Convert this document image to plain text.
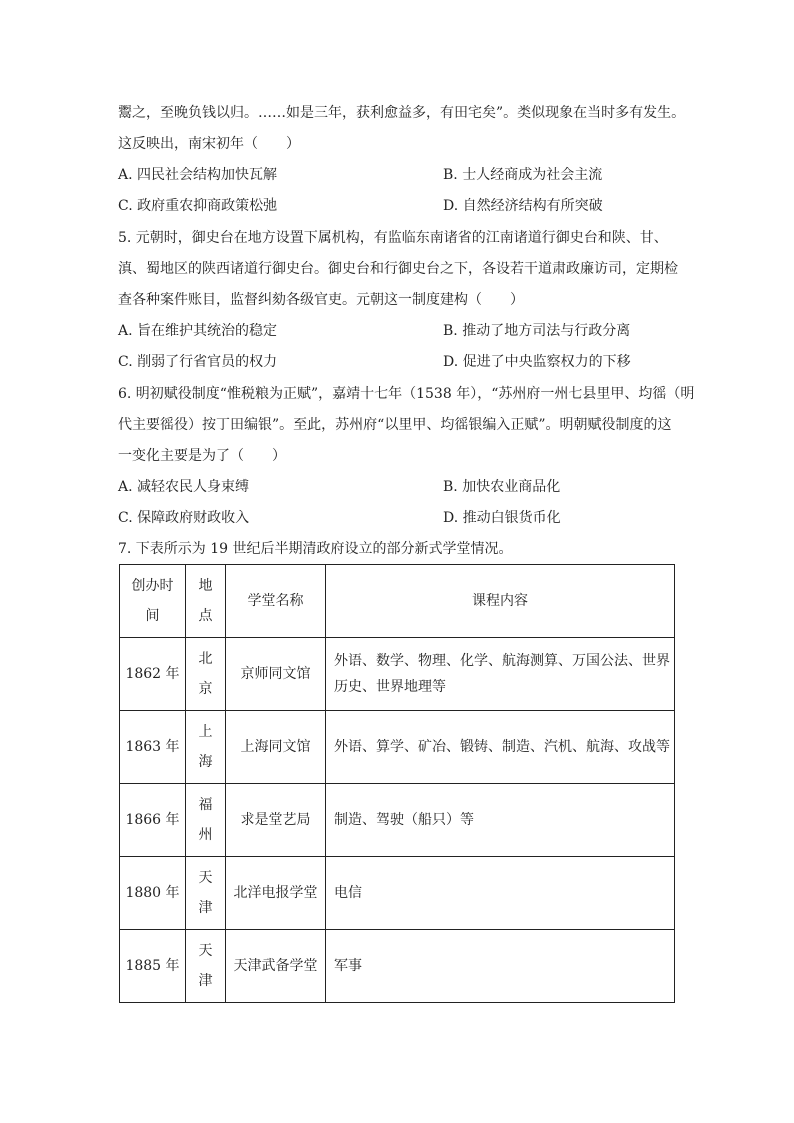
鬻之，至晚负钱以归。……如是三年，获利愈益多，有田宅矣”。类似现象在当时多有发生。
这反映出，南宋初年（　　）
A. 四民社会结构加快瓦解	B. 士人经商成为社会主流
C. 政府重农抑商政策松弛	D. 自然经济结构有所突破
5. 元朝时，御史台在地方设置下属机构，有监临东南诸省的江南诸道行御史台和陕、甘、
滇、蜀地区的陕西诸道行御史台。御史台和行御史台之下，各设若干道肃政廉访司，定期检
查各种案件账目，监督纠劾各级官吏。元朝这一制度建构（　　）
A. 旨在维护其统治的稳定	B. 推动了地方司法与行政分离
C. 削弱了行省官员的权力	D. 促进了中央监察权力的下移
6. 明初赋役制度“惟税粮为正赋”，嘉靖十七年（1538 年），“苏州府一州七县里甲、均徭（明
代主要徭役）按丁田编银”。至此，苏州府“以里甲、均徭银编入正赋”。明朝赋役制度的这
一变化主要是为了（　　）
A. 减轻农民人身束缚	B. 加快农业商品化
C. 保障政府财政收入	D. 推动白银货币化
7. 下表所示为 19 世纪后半期清政府设立的部分新式学堂情况。
创办时间	地点	学堂名称	课程内容
1862 年	北京	京师同文馆	外语、数学、物理、化学、航海测算、万国公法、世界历史、世界地理等
1863 年	上海	上海同文馆	外语、算学、矿冶、锻铸、制造、汽机、航海、攻战等
1866 年	福州	求是堂艺局	制造、驾驶（船只）等
1880 年	天津	北洋电报学堂	电信
1885 年	天津	天津武备学堂	军事
